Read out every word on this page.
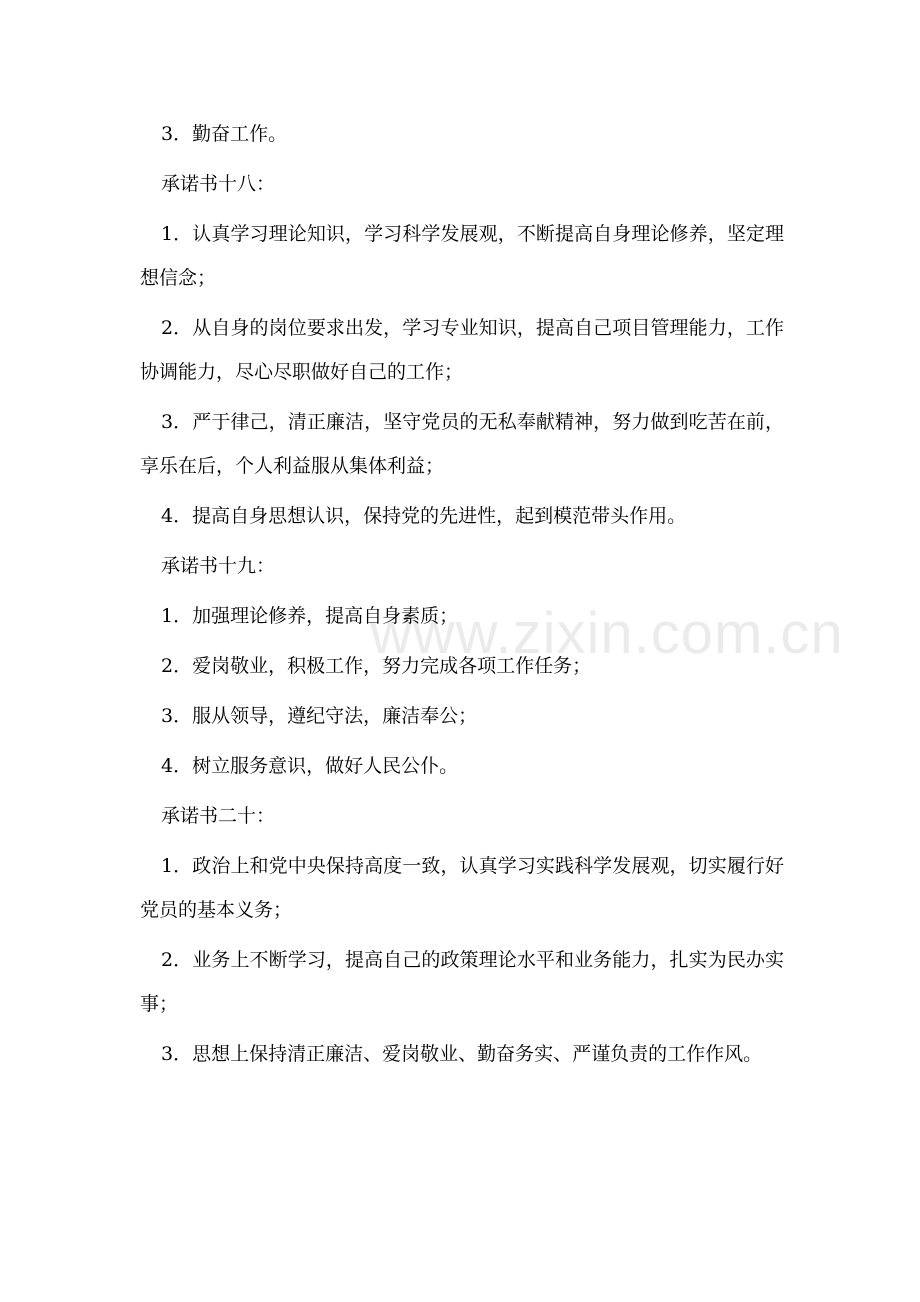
3．勤奋工作。

承诺书十八：

1．认真学习理论知识，学习科学发展观，不断提高自身理论修养，坚定理想信念；

2．从自身的岗位要求出发，学习专业知识，提高自己项目管理能力，工作协调能力，尽心尽职做好自己的工作；

3．严于律己，清正廉洁，坚守党员的无私奉献精神，努力做到吃苦在前，享乐在后，个人利益服从集体利益；

4．提高自身思想认识，保持党的先进性，起到模范带头作用。

承诺书十九：

1．加强理论修养，提高自身素质；

2．爱岗敬业，积极工作，努力完成各项工作任务；

3．服从领导，遵纪守法，廉洁奉公；

4．树立服务意识，做好人民公仆。

承诺书二十：

1．政治上和党中央保持高度一致，认真学习实践科学发展观，切实履行好党员的基本义务；

2．业务上不断学习，提高自己的政策理论水平和业务能力，扎实为民办实事；

3．思想上保持清正廉洁、爱岗敬业、勤奋务实、严谨负责的工作作风。

www.zixin.com.cn
